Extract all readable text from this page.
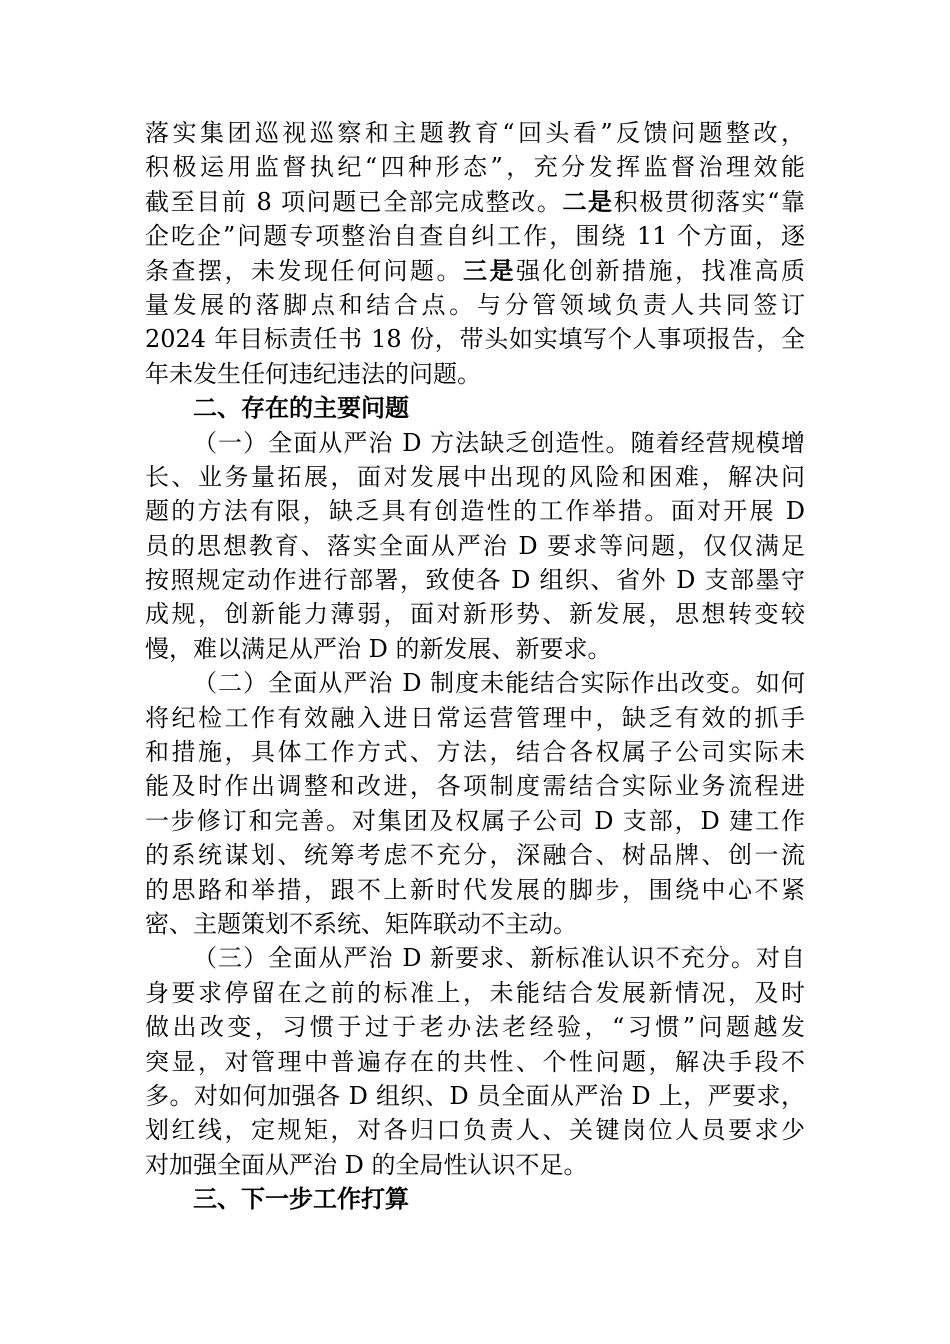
落实集团巡视巡察和主题教育“回头看”反馈问题整改，
积极运用监督执纪“四种形态”，充分发挥监督治理效能
截至目前 8 项问题已全部完成整改。二是积极贯彻落实“靠
企吃企”问题专项整治自查自纠工作，围绕 11 个方面，逐
条查摆，未发现任何问题。三是强化创新措施，找准高质
量发展的落脚点和结合点。与分管领域负责人共同签订
2024 年目标责任书 18 份，带头如实填写个人事项报告，全
年未发生任何违纪违法的问题。
二、存在的主要问题
（一）全面从严治 D 方法缺乏创造性。随着经营规模增
长、业务量拓展，面对发展中出现的风险和困难，解决问
题的方法有限，缺乏具有创造性的工作举措。面对开展 D
员的思想教育、落实全面从严治 D 要求等问题，仅仅满足
按照规定动作进行部署，致使各 D 组织、省外 D 支部墨守
成规，创新能力薄弱，面对新形势、新发展，思想转变较
慢，难以满足从严治 D 的新发展、新要求。
（二）全面从严治 D 制度未能结合实际作出改变。如何
将纪检工作有效融入进日常运营管理中，缺乏有效的抓手
和措施，具体工作方式、方法，结合各权属子公司实际未
能及时作出调整和改进，各项制度需结合实际业务流程进
一步修订和完善。对集团及权属子公司 D 支部，D 建工作
的系统谋划、统筹考虑不充分，深融合、树品牌、创一流
的思路和举措，跟不上新时代发展的脚步，围绕中心不紧
密、主题策划不系统、矩阵联动不主动。
（三）全面从严治 D 新要求、新标准认识不充分。对自
身要求停留在之前的标准上，未能结合发展新情况，及时
做出改变，习惯于过于老办法老经验，“习惯”问题越发
突显，对管理中普遍存在的共性、个性问题，解决手段不
多。对如何加强各 D 组织、D 员全面从严治 D 上，严要求，
划红线，定规矩，对各归口负责人、关键岗位人员要求少
对加强全面从严治 D 的全局性认识不足。
三、下一步工作打算
